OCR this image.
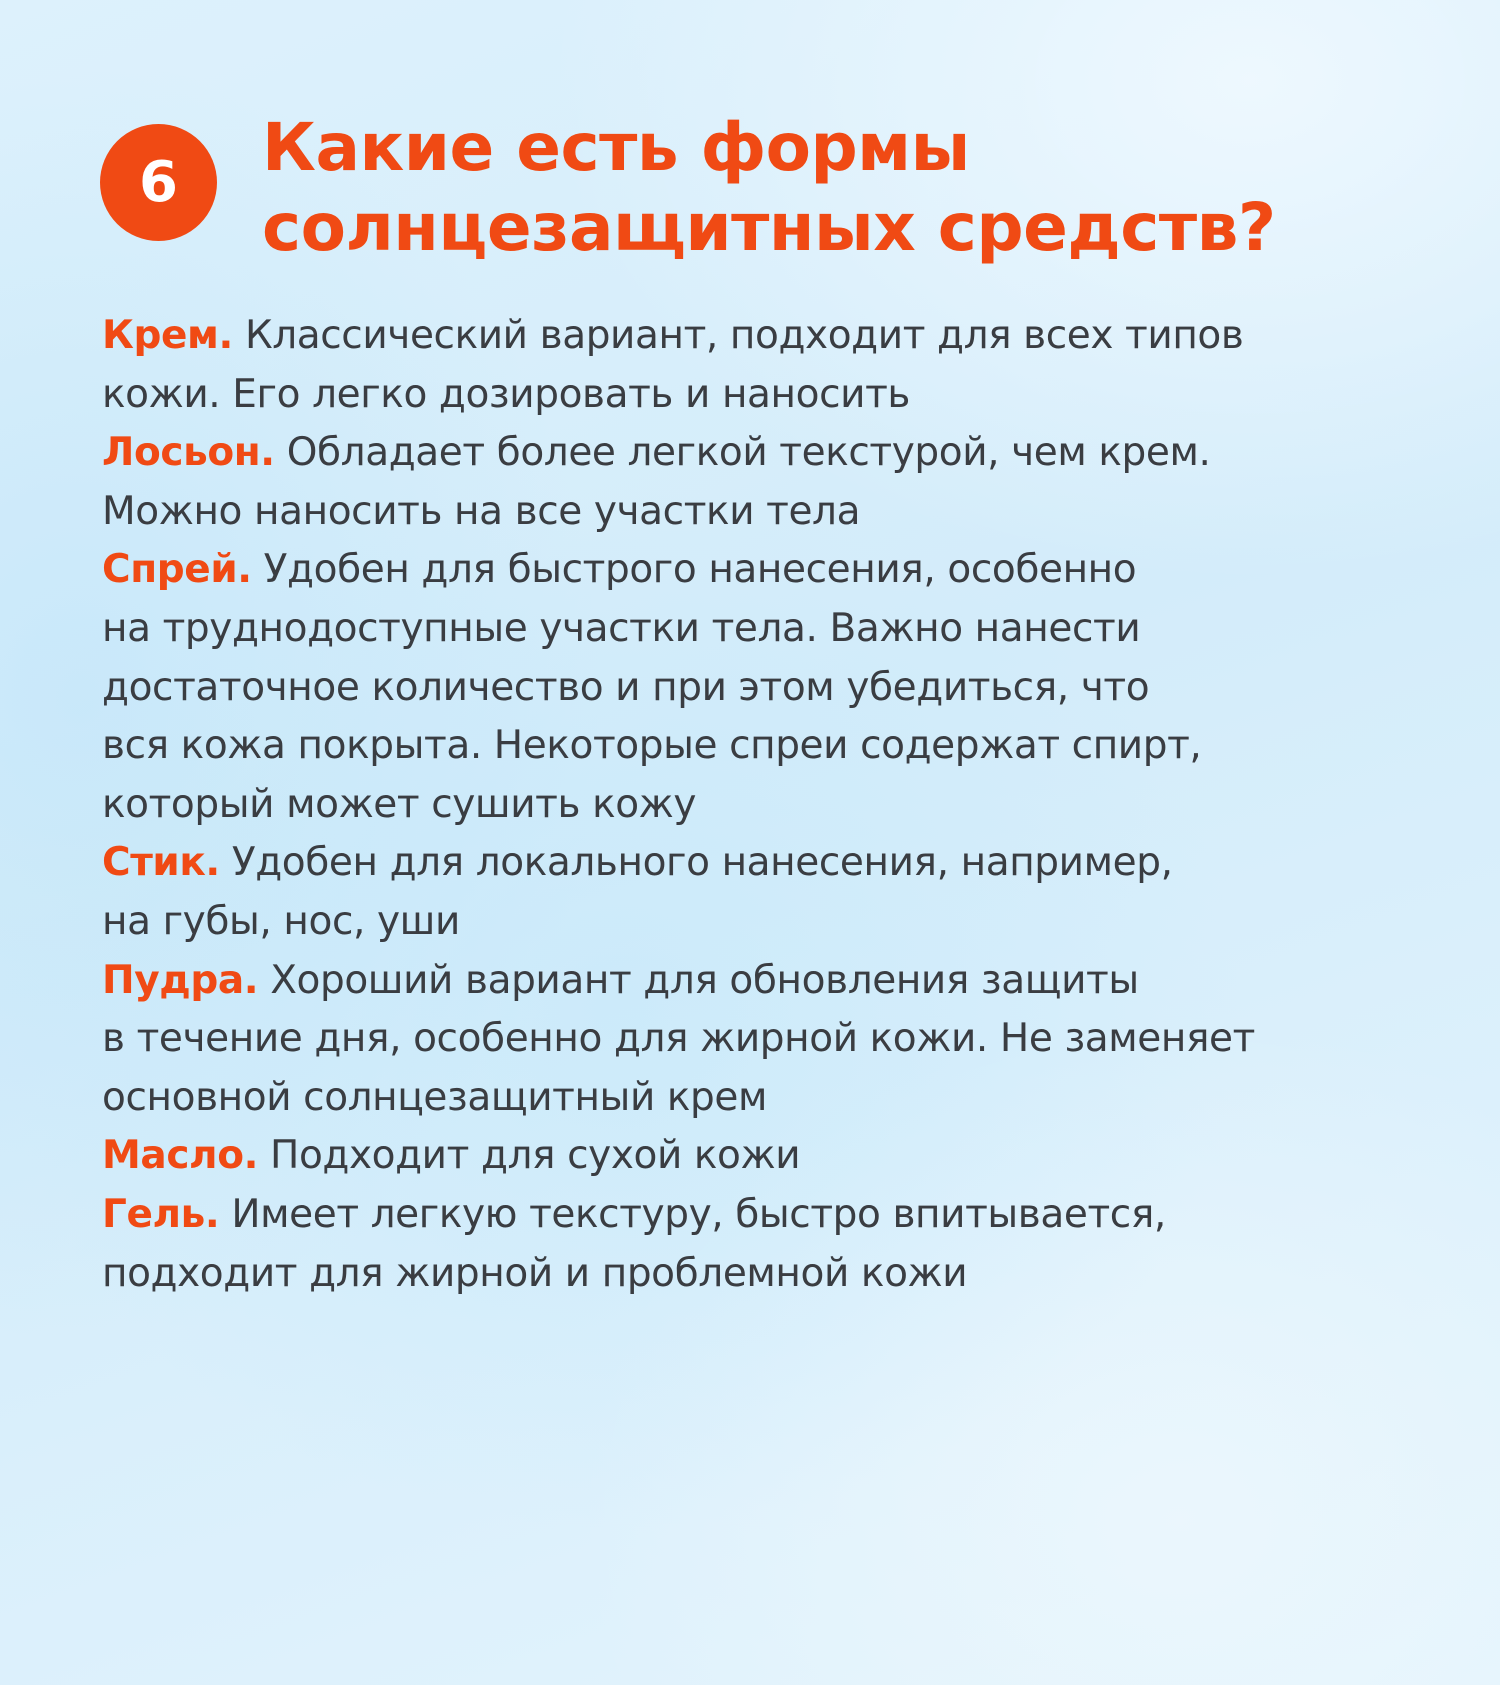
6	Какие есть формы
солнцезащитных средств?
Крем. Классический вариант, подходит для всех типов
кожи. Его легко дозировать и наносить
Лосьон. Обладает более легкой текстурой, чем крем.
Можно наносить на все участки тела
Спрей. Удобен для быстрого нанесения, особенно
на труднодоступные участки тела. Важно нанести
достаточное количество и при этом убедиться, что
вся кожа покрыта. Некоторые спреи содержат спирт,
который может сушить кожу
Стик. Удобен для локального нанесения, например,
на губы, нос, уши
Пудра. Хороший вариант для обновления защиты
в течение дня, особенно для жирной кожи. Не заменяет
основной солнцезащитный крем
Масло. Подходит для сухой кожи
Гель. Имеет легкую текстуру, быстро впитывается,
подходит для жирной и проблемной кожи
